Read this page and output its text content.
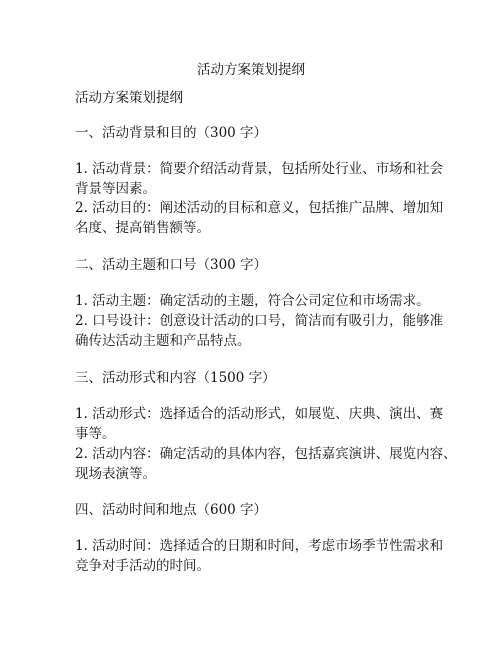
活动方案策划提纲
活动方案策划提纲
一、活动背景和目的（300 字）
1. 活动背景：简要介绍活动背景，包括所处行业、市场和社会
背景等因素。
2. 活动目的：阐述活动的目标和意义，包括推广品牌、增加知
名度、提高销售额等。
二、活动主题和口号（300 字）
1. 活动主题：确定活动的主题，符合公司定位和市场需求。
2. 口号设计：创意设计活动的口号，简洁而有吸引力，能够准
确传达活动主题和产品特点。
三、活动形式和内容（1500 字）
1. 活动形式：选择适合的活动形式，如展览、庆典、演出、赛
事等。
2. 活动内容：确定活动的具体内容，包括嘉宾演讲、展览内容、
现场表演等。
四、活动时间和地点（600 字）
1. 活动时间：选择适合的日期和时间，考虑市场季节性需求和
竞争对手活动的时间。
